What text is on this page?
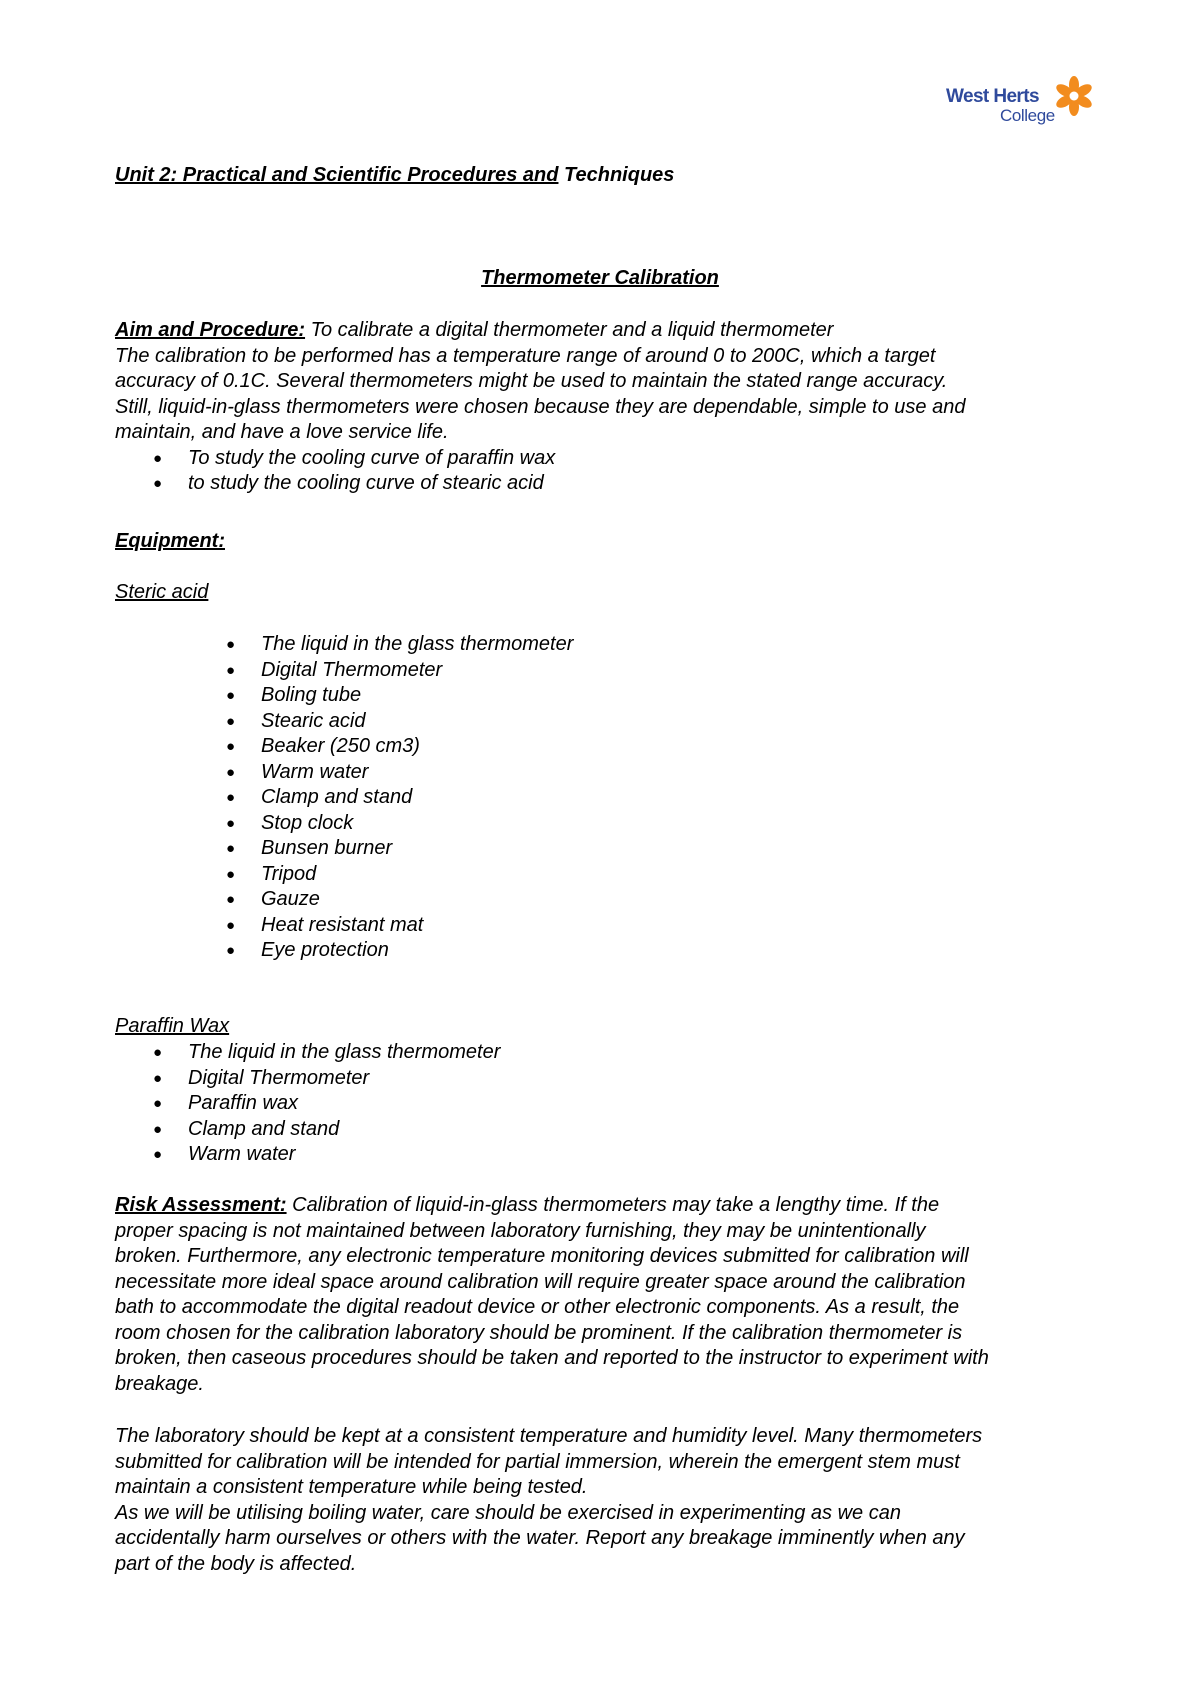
West Herts
College
Unit 2: Practical and Scientific Procedures and Techniques
Thermometer Calibration
Aim and Procedure: To calibrate a digital thermometer and a liquid thermometer
The calibration to be performed has a temperature range of around 0 to 200C, which a target
accuracy of 0.1C. Several thermometers might be used to maintain the stated range accuracy.
Still, liquid-in-glass thermometers were chosen because they are dependable, simple to use and
maintain, and have a love service life.
● To study the cooling curve of paraffin wax
● to study the cooling curve of stearic acid
Equipment:
Steric acid
● The liquid in the glass thermometer
● Digital Thermometer
● Boling tube
● Stearic acid
● Beaker (250 cm3)
● Warm water
● Clamp and stand
● Stop clock
● Bunsen burner
● Tripod
● Gauze
● Heat resistant mat
● Eye protection
Paraffin Wax
● The liquid in the glass thermometer
● Digital Thermometer
● Paraffin wax
● Clamp and stand
● Warm water
Risk Assessment: Calibration of liquid-in-glass thermometers may take a lengthy time. If the
proper spacing is not maintained between laboratory furnishing, they may be unintentionally
broken. Furthermore, any electronic temperature monitoring devices submitted for calibration will
necessitate more ideal space around calibration will require greater space around the calibration
bath to accommodate the digital readout device or other electronic components. As a result, the
room chosen for the calibration laboratory should be prominent. If the calibration thermometer is
broken, then caseous procedures should be taken and reported to the instructor to experiment with
breakage.
The laboratory should be kept at a consistent temperature and humidity level. Many thermometers
submitted for calibration will be intended for partial immersion, wherein the emergent stem must
maintain a consistent temperature while being tested.
As we will be utilising boiling water, care should be exercised in experimenting as we can
accidentally harm ourselves or others with the water. Report any breakage imminently when any
part of the body is affected.
